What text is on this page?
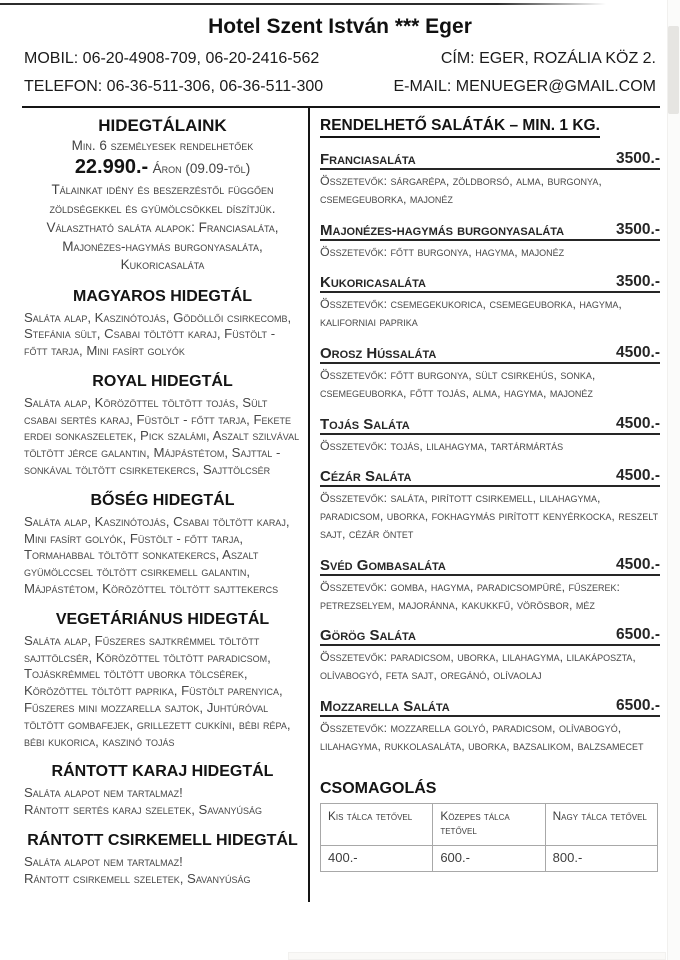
Hotel Szent István *** Eger
MOBIL: 06-20-4908-709, 06-20-2416-562	CÍM: EGER, ROZÁLIA KÖZ 2.
TELEFON: 06-36-511-306, 06-36-511-300	E-MAIL: MENUEGER@GMAIL.COM
HIDEGTÁLAINK
Min. 6 személyesek rendelhetőek
22.990.- Áron (09.09-től)
Tálainkat idény és beszerzéstől függően zöldségekkel és gyümölcsökkel díszítjük.
Választható saláta alapok: Franciasaláta, Majonézes-hagymás burgonyasaláta, Kukoricasaláta
MAGYAROS HIDEGTÁL

Saláta alap, Kaszinótojás, Gödöllői csirkecomb, Stefánia sült, Csabai töltött karaj, Füstölt - főtt tarja, Mini fasírt golyók

ROYAL HIDEGTÁL

Saláta alap, Körözöttel töltött tojás, Sült csabai sertés karaj, Füstölt - főtt tarja, Fekete erdei sonkaszeletek, Pick szalámi, Aszalt szilvával töltött jérce galantin, Májpástétom, Sajttal - sonkával töltött csirketekercs, Sajttölcsér

BŐSÉG HIDEGTÁL

Saláta alap, Kaszinótojás, Csabai töltött karaj, Mini fasírt golyók, Füstölt - főtt tarja, Tormahabbal töltött sonkatekercs, Aszalt gyümölccsel töltött csirkemell galantin, Májpástétom, Körözöttel töltött sajttekercs

VEGETÁRIÁNUS HIDEGTÁL

Saláta alap, Fűszeres sajtkrémmel töltött sajttölcsér, Körözöttel töltött paradicsom, Tojáskrémmel töltött uborka tölcsérek, Körözöttel töltött paprika, Füstölt parenyica, Fűszeres mini mozzarella sajtok, Juhtúróval töltött gombafejek, grillezett cukkíni, bébi répa, bébi kukorica, kaszinó tojás

RÁNTOTT KARAJ HIDEGTÁL

Saláta alapot nem tartalmaz!

Rántott sertés karaj szeletek, Savanyúság

RÁNTOTT CSIRKEMELL HIDEGTÁL

Saláta alapot nem tartalmaz!

Rántott csirkemell szeletek, Savanyúság

RENDELHETŐ SALÁTÁK – MIN. 1 KG.
Franciasaláta	3500.-

Összetevők: sárgarépa, zöldborsó, alma, burgonya, csemegeuborka, majonéz

Majonézes-hagymás burgonyasaláta	3500.-

Összetevők: főtt burgonya, hagyma, majonéz

Kukoricasaláta	3500.-

Összetevők: csemegekukorica, csemegeuborka, hagyma, kaliforniai paprika

Orosz Hússaláta	4500.-

Összetevők: főtt burgonya, sült csirkehús, sonka, csemegeuborka, főtt tojás, alma, hagyma, majonéz

Tojás Saláta	4500.-

Összetevők: tojás, lilahagyma, tartármártás

Cézár Saláta	4500.-

Összetevők: saláta, pirított csirkemell, lilahagyma, paradicsom, uborka, fokhagymás pirított kenyérkocka, reszelt sajt, cézár öntet

Svéd Gombasaláta	4500.-

Összetevők: gomba, hagyma, paradicsompüré, fűszerek: petrezselyem, majoránna, kakukkfű, vörösbor, méz

Görög Saláta	6500.-

Összetevők: paradicsom, uborka, lilahagyma, lilakáposzta, olívabogyó, feta sajt, oregánó, olívaolaj

Mozzarella Saláta	6500.-

Összetevők: mozzarella golyó, paradicsom, olívabogyó, lilahagyma, rukkolasaláta, uborka, bazsalikom, balzsamecet

CSOMAGOLÁS
Kis tálca tetővel	Közepes tálca tetővel	Nagy tálca tetővel
400.-	600.-	800.-
